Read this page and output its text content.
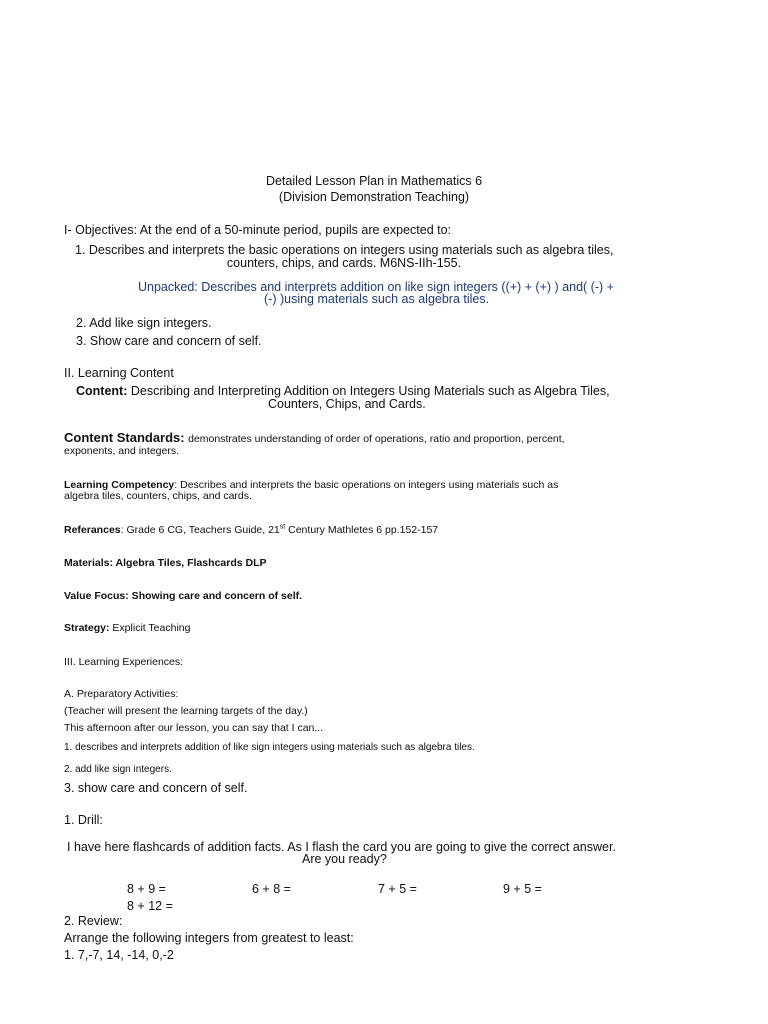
Detailed Lesson Plan in Mathematics 6
(Division Demonstration Teaching)
I- Objectives: At the end of a 50-minute period, pupils are expected to:
1. Describes and interprets the basic operations on integers using materials such as algebra tiles,
counters, chips, and cards. M6NS-IIh-155.
Unpacked: Describes and interprets addition on like sign integers ((+) + (+) ) and( (-) +
(-) )using materials such as algebra tiles.
2. Add like sign integers.
3. Show care and concern of self.
II. Learning Content
Content: Describing and Interpreting Addition on Integers Using Materials such as Algebra Tiles,
Counters, Chips, and Cards.
Content Standards: demonstrates understanding of order of operations, ratio and proportion, percent,
exponents, and integers.
Learning Competency: Describes and interprets the basic operations on integers using materials such as
algebra tiles, counters, chips, and cards.
Referances: Grade 6 CG, Teachers Guide, 21st Century Mathletes 6 pp.152-157
Materials: Algebra Tiles, Flashcards DLP
Value Focus: Showing care and concern of self.
Strategy: Explicit Teaching
III. Learning Experiences:
A. Preparatory Activities:
(Teacher will present the learning targets of the day.)
This afternoon after our lesson, you can say that I can...
1. describes and interprets addition of like sign integers using materials such as algebra tiles.
2. add like sign integers.
3. show care and concern of self.
1. Drill:
I have here flashcards of addition facts. As I flash the card you are going to give the correct answer.
Are you ready?
8 + 9 =	6 + 8 =	7 + 5 =	9 + 5 =
8 + 12 =
2. Review:
Arrange the following integers from greatest to least:
1. 7,-7, 14, -14, 0,-2
